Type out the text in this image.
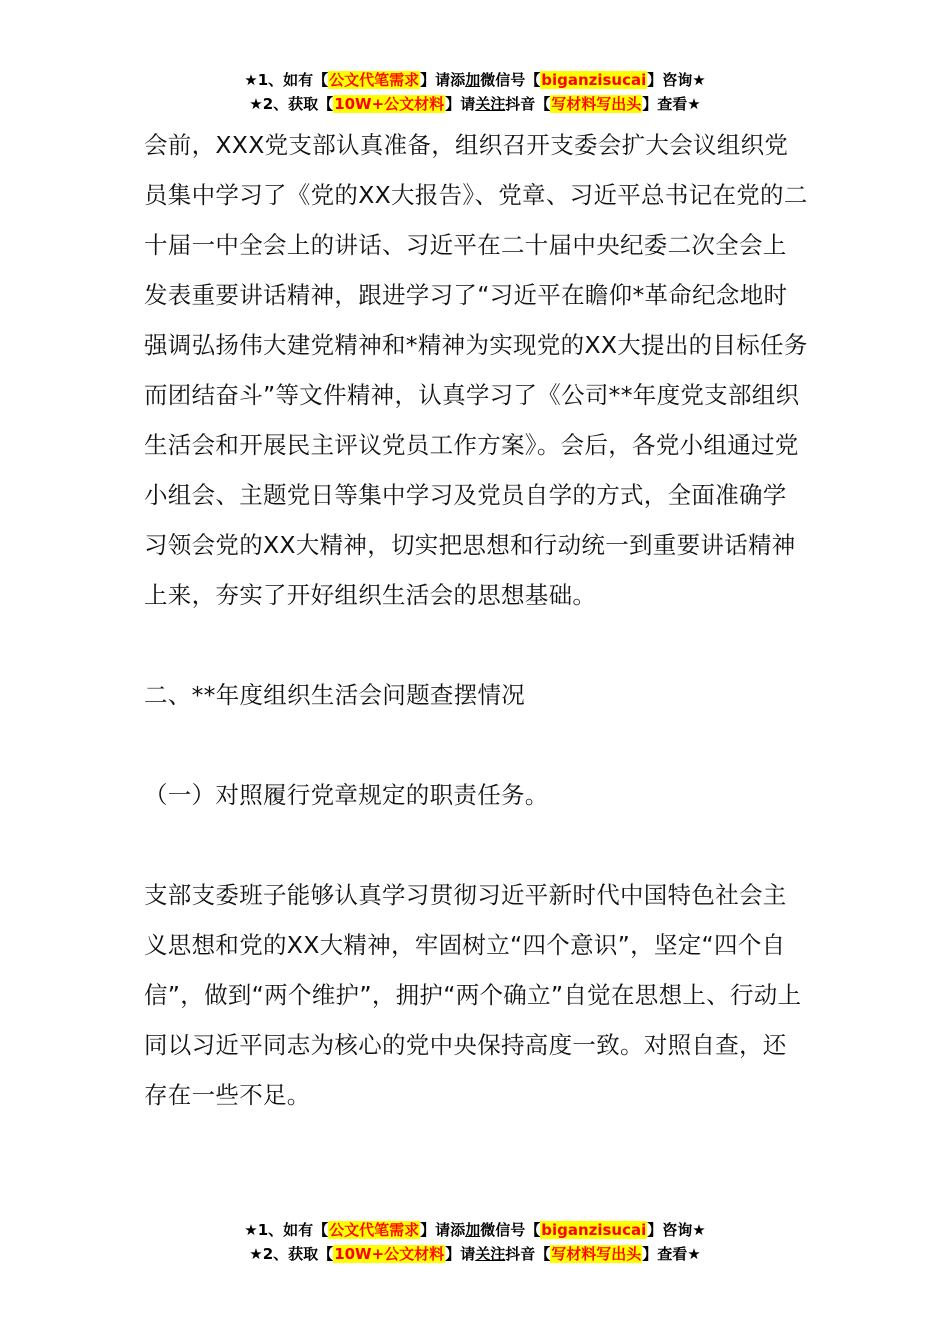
★1、如有【公文代笔需求】请添加微信号【biganzisucai】咨询★
★2、获取【10W+公文材料】请关注抖音【写材料写出头】查看★

会前，XXX党支部认真准备，组织召开支委会扩大会议组织党员集中学习了《党的XX大报告》、党章、习近平总书记在党的二十届一中全会上的讲话、习近平在二十届中央纪委二次全会上发表重要讲话精神，跟进学习了“习近平在瞻仰*革命纪念地时强调弘扬伟大建党精神和*精神为实现党的XX大提出的目标任务而团结奋斗”等文件精神，认真学习了《公司**年度党支部组织生活会和开展民主评议党员工作方案》。会后，各党小组通过党小组会、主题党日等集中学习及党员自学的方式，全面准确学习领会党的XX大精神，切实把思想和行动统一到重要讲话精神上来，夯实了开好组织生活会的思想基础。

二、**年度组织生活会问题查摆情况

（一）对照履行党章规定的职责任务。

支部支委班子能够认真学习贯彻习近平新时代中国特色社会主义思想和党的XX大精神，牢固树立“四个意识”，坚定“四个自信”，做到“两个维护”，拥护“两个确立”自觉在思想上、行动上同以习近平同志为核心的党中央保持高度一致。对照自查，还存在一些不足。

★1、如有【公文代笔需求】请添加微信号【biganzisucai】咨询★
★2、获取【10W+公文材料】请关注抖音【写材料写出头】查看★
